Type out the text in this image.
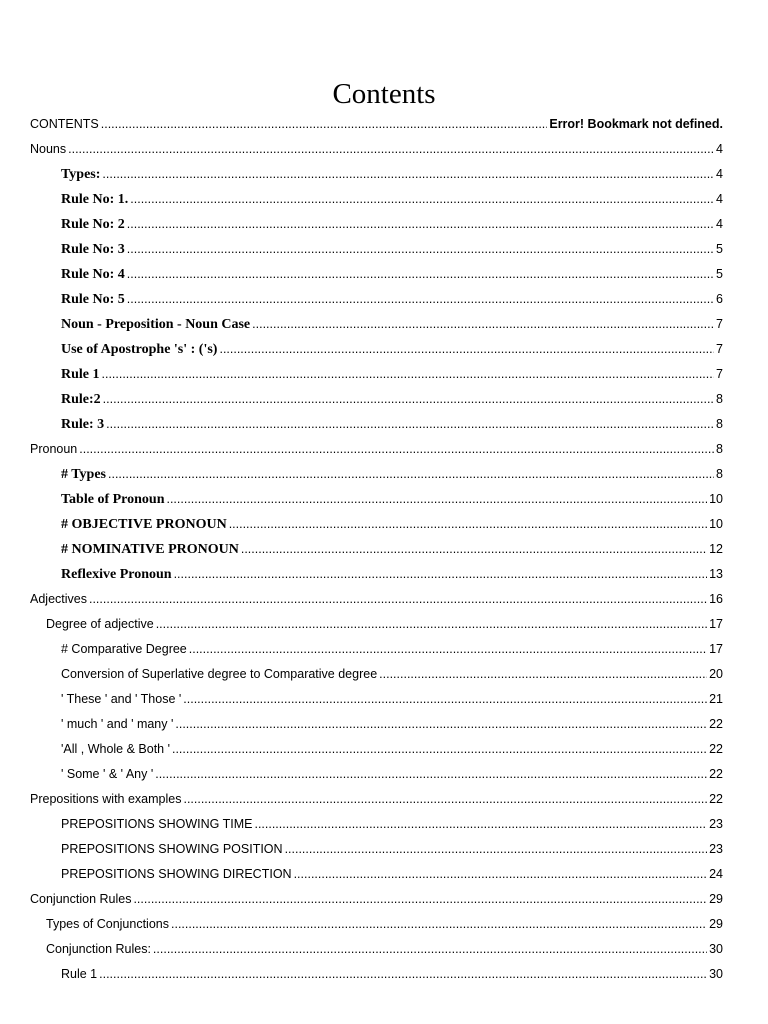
Contents
CONTENTS .....	Error! Bookmark not defined.
Nouns .....	4
Types: .....	4
Rule No: 1. .....	4
Rule No: 2 .....	4
Rule No: 3 .....	5
Rule No: 4 .....	5
Rule No: 5 .....	6
Noun - Preposition - Noun Case .....	7
Use of Apostrophe 's' : ('s) .....	7
Rule 1 .....	7
Rule:2 .....	8
Rule: 3 .....	8
Pronoun .....	8
# Types .....	8
Table of Pronoun .....	10
# OBJECTIVE PRONOUN .....	10
# NOMINATIVE PRONOUN .....	12
Reflexive Pronoun .....	13
Adjectives .....	16
Degree of adjective .....	17
# Comparative Degree .....	17
Conversion of Superlative degree to Comparative degree .....	20
' These ' and ' Those ' .....	21
' much ' and ' many ' .....	22
'All , Whole & Both ' .....	22
' Some ' & ' Any ' .....	22
Prepositions with examples .....	22
PREPOSITIONS SHOWING TIME .....	23
PREPOSITIONS SHOWING POSITION .....	23
PREPOSITIONS SHOWING DIRECTION .....	24
Conjunction Rules .....	29
Types of Conjunctions .....	29
Conjunction Rules: .....	30
Rule 1 .....	30
